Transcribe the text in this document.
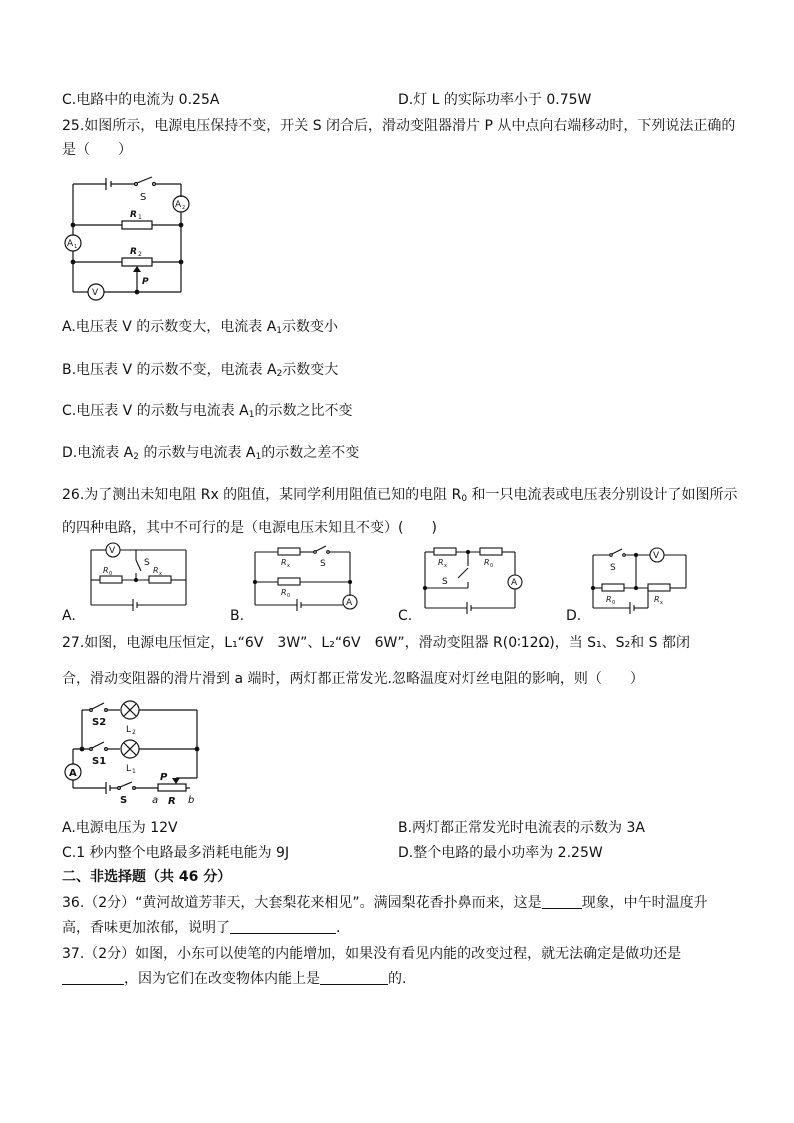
C.电路中的电流为 0.25A	D.灯 L 的实际功率小于 0.75W
25.如图所示，电源电压保持不变，开关 S 闭合后，滑动变阻器滑片 P 从中点向右端移动时，下列说法正确的
是（　　）
S
R 1
R 2
P
A 2
A 1
V
A.电压表 V 的示数变大，电流表 $A_1$示数变小
B.电压表 V 的示数不变，电流表 $A_2$示数变大
C.电压表 V 的示数与电流表 $A_1$的示数之比不变
D.电流表 $A_2$ 的示数与电流表 $A_1$的示数之差不变
26.为了测出未知电阻 Rx 的阻值，某同学利用阻值已知的电阻 $R_0$ 和一只电流表或电压表分别设计了如图所示
的四种电路，其中不可行的是（电源电压未知且不变）(　　)
V
S
R 0	R x
A.
R x	S
R 0
A
B.
R x	R 0
S	A
C.
S
V
R 0	R x
D.
27.如图，电源电压恒定，L₁“6V　3W”、L₂“6V　6W”，滑动变阻器 R(0∶12Ω)，当 S₁、S₂和 S 都闭
合，滑动变阻器的滑片滑到 a 端时，两灯都正常发光.忽略温度对灯丝电阻的影响，则（　　）
S2
S1
L 2
L 1
A
S
P
a R b
A.电源电压为 12V	B.两灯都正常发光时电流表的示数为 3A
C.1 秒内整个电路最多消耗电能为 9J	D.整个电路的最小功率为 2.25W
二、非选择题（共 46 分）
36.（2分）“黄河故道芳菲天，大套梨花来相见”。满园梨花香扑鼻而来，这是	现象，中午时温度升
高，香味更加浓郁，说明了	.
37.（2分）如图，小东可以使笔的内能增加，如果没有看见内能的改变过程，就无法确定是做功还是
，因为它们在改变物体内能上是	的.
